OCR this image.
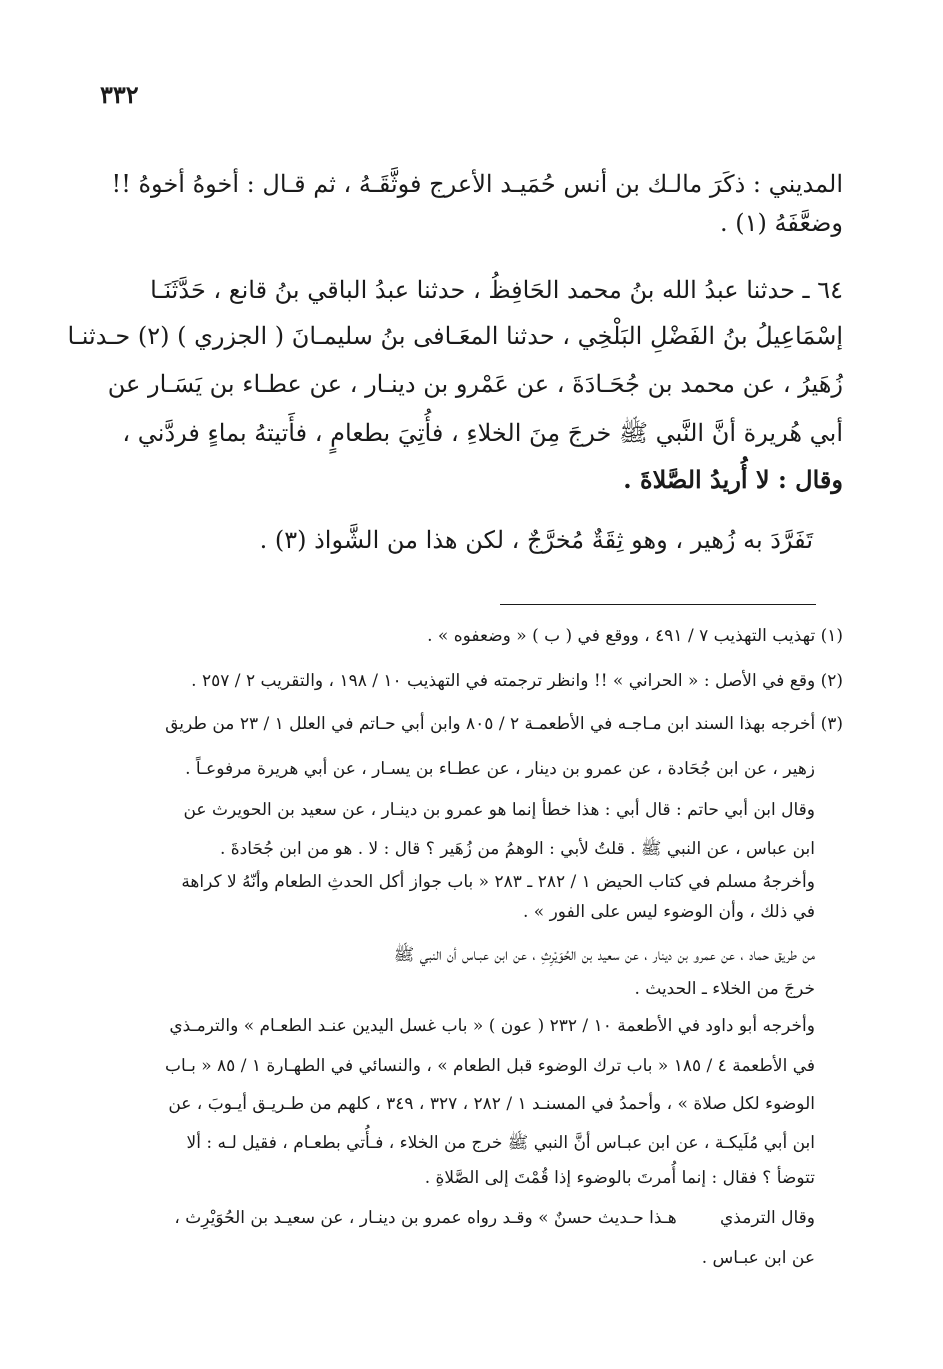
٣٣٢
المديني : ذكَرَ مالـك بن أنس حُمَيـد الأعرج فوثَّقَـهُ ، ثم قـال : أخوهُ أخوهُ !!
وضعَّفَهُ (١) .
٦٤ ـ حدثنا عبدُ الله بنُ محمد الحَافِظُ ، حدثنا عبدُ الباقي بنُ قانع ، حَدَّثَنَـا
إسْمَاعِيلُ بنُ الفَضْلِ البَلْخِي ، حدثنا المعَـافى بنُ سليمـانَ ( الجزري ) (٢) حـدثنـا
زُهَيرُ ، عن محمد بن جُحَـادَةَ ، عن عَمْرو بن دينـار ، عن عطـاء بن يَسَـار عن
أبي هُريرة أنَّ النَّبي ﷺ خرجَ مِنَ الخلاءِ ، فأُتِيَ بطعامٍ ، فأَتيتهُ بماءٍ فردَّني ،
وقال : لا أُريدُ الصَّلاةَ .
تَفَرَّدَ به زُهير ، وهو ثِقَةٌ مُخرَّجٌ ، لكن هذا من الشَّواذ (٣) .
(١) تهذيب التهذيب ٧ / ٤٩١ ، ووقع في ( ب ) « وضعفوه » .
(٢) وقع في الأصل : « الحراني » !! وانظر ترجمته في التهذيب ١٠ / ١٩٨ ، والتقريب ٢ / ٢٥٧ .
(٣) أخرجه بهذا السند ابن مـاجـه في الأطعمـة ٢ / ٨٠٥ وابن أبي حـاتم في العلل ١ / ٢٣ من طريق
زهير ، عن ابن جُحَادة ، عن عمرو بن دينار ، عن عطـاء بن يسـار ، عن أبي هريرة مرفوعـاً .
وقال ابن أبي حاتم : قال أبي : هذا خطأ إنما هو عمرو بن دينـار ، عن سعيد بن الحويرث عن
ابن عباس ، عن النبي ﷺ . قلتُ لأبي : الوهمُ من زُهَير ؟ قال : لا . هو من ابن جُحَادةَ .
وأخرجهُ مسلم في كتاب الحيض ١ / ٢٨٢ ـ ٢٨٣ « باب جواز أكل الحدثِ الطعام وأنّهُ لا كراهة
في ذلك ، وأن الوضوء ليس على الفور » .
من طريق حماد ، عن عمرو بن دينار ، عن سعيد بن الحُوَيْرِثِ ، عن ابن عبـاس أن النبي ﷺ
خرجَ من الخلاء ـ الحديث .
وأخرجه أبو داود في الأطعمة ١٠ / ٢٣٢ ( عون ) « باب غسل اليدين عنـد الطعـام » والترمـذي
في الأطعمة ٤ / ١٨٥ « باب ترك الوضوء قبل الطعام » ، والنسائي في الطهـارة ١ / ٨٥ « بـاب
الوضوء لكل صلاة » ، وأحمدُ في المسنـد ١ / ٢٨٢ ، ٣٢٧ ، ٣٤٩ ، كلهم من طـريـق أيـوبَ ، عن
ابن أبي مُلَيكـة ، عن ابن عبـاس أنَّ النبي ﷺ خرج من الخلاء ، فـأُتي بطعـام ، فقيل لـه : ألا
تتوضأ ؟ فقال : إنما أُمرتَ بالوضوء إذا قُمْتَ إلى الصَّلاةِ .
وقال الترمذي        هـذا حـديث حسنٌ » وقـد رواه عمرو بن دينـار ، عن سعيـد بن الحُوَيْرِث ،
عن ابن عبـاس .
